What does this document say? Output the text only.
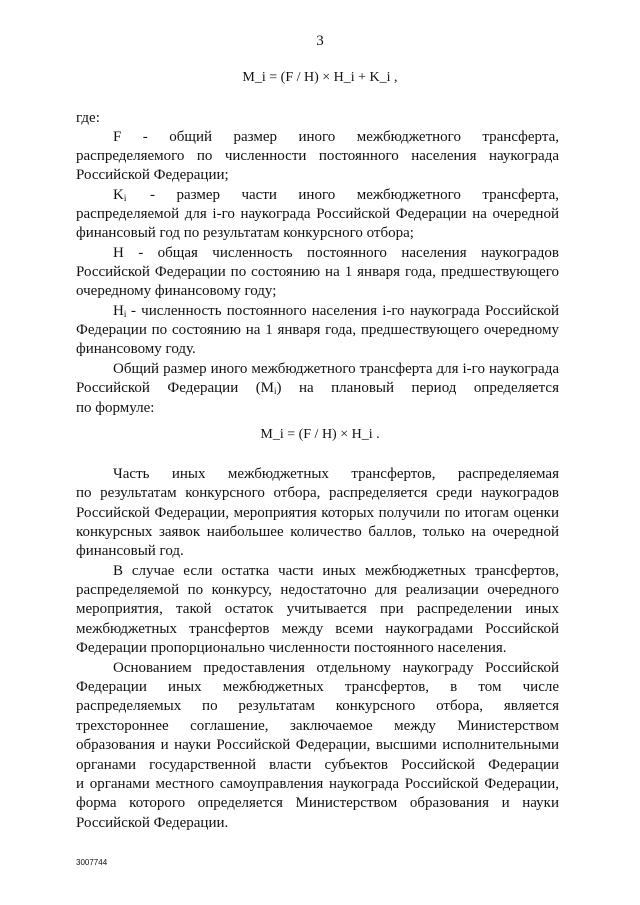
3
M_i = (F / H) × H_i + K_i ,
где:
F - общий размер иного межбюджетного трансферта,
распределяемого по численности постоянного населения наукограда
Российской Федерации;
$K_i$ - размер части иного межбюджетного трансферта,
распределяемой для i-го наукограда Российской Федерации на очередной
финансовый год по результатам конкурсного отбора;
H - общая численность постоянного населения наукоградов
Российской Федерации по состоянию на 1 января года, предшествующего
очередному финансовому году;
$H_i$ - численность постоянного населения i-го наукограда Российской
Федерации по состоянию на 1 января года, предшествующего очередному
финансовому году.
Общий размер иного межбюджетного трансферта для i-го наукограда
Российской Федерации $(M_i)$ на плановый период определяется
по формуле:
M_i = (F / H) × H_i .
Часть иных межбюджетных трансфертов, распределяемая
по результатам конкурсного отбора, распределяется среди наукоградов
Российской Федерации, мероприятия которых получили по итогам оценки
конкурсных заявок наибольшее количество баллов, только на очередной
финансовый год.
В случае если остатка части иных межбюджетных трансфертов,
распределяемой по конкурсу, недостаточно для реализации очередного
мероприятия, такой остаток учитывается при распределении иных
межбюджетных трансфертов между всеми наукоградами Российской
Федерации пропорционально численности постоянного населения.
Основанием предоставления отдельному наукограду Российской
Федерации иных межбюджетных трансфертов, в том числе
распределяемых по результатам конкурсного отбора, является
трехстороннее соглашение, заключаемое между Министерством
образования и науки Российской Федерации, высшими исполнительными
органами государственной власти субъектов Российской Федерации
и органами местного самоуправления наукограда Российской Федерации,
форма которого определяется Министерством образования и науки
Российской Федерации.
3007744
